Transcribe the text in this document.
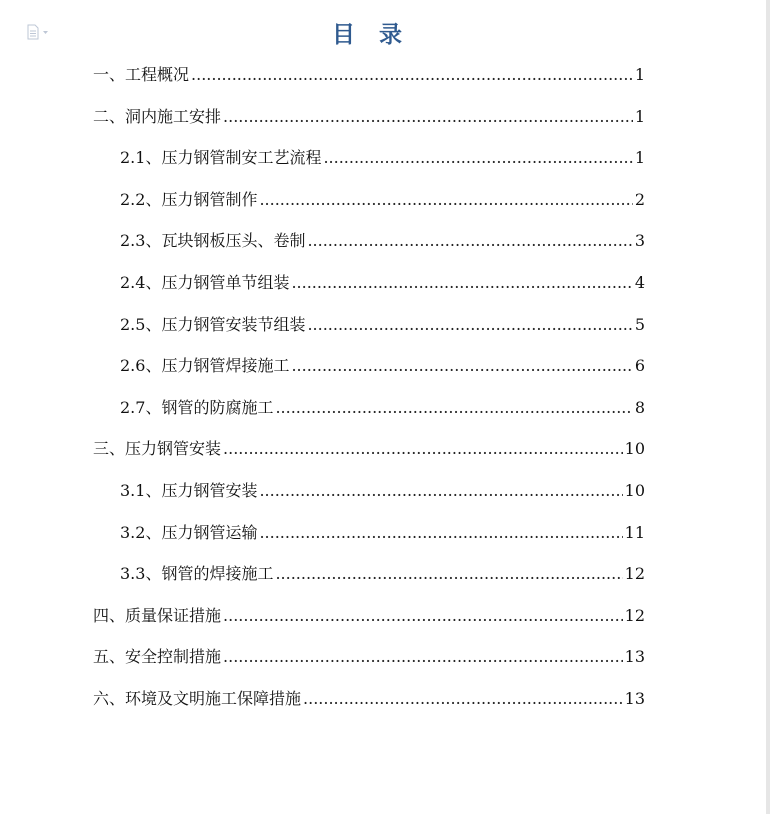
目 录
一、工程概况 .....	1
二、洞内施工安排 .....	1
2.1、压力钢管制安工艺流程 .....	1
2.2、压力钢管制作 .....	2
2.3、瓦块钢板压头、卷制 .....	3
2.4、压力钢管单节组装 .....	4
2.5、压力钢管安装节组装 .....	5
2.6、压力钢管焊接施工 .....	6
2.7、钢管的防腐施工 .....	8
三、压力钢管安装 .....	10
3.1、压力钢管安装 .....	10
3.2、压力钢管运输 .....	11
3.3、钢管的焊接施工 .....	12
四、质量保证措施 .....	12
五、安全控制措施 .....	13
六、环境及文明施工保障措施 .....	13
